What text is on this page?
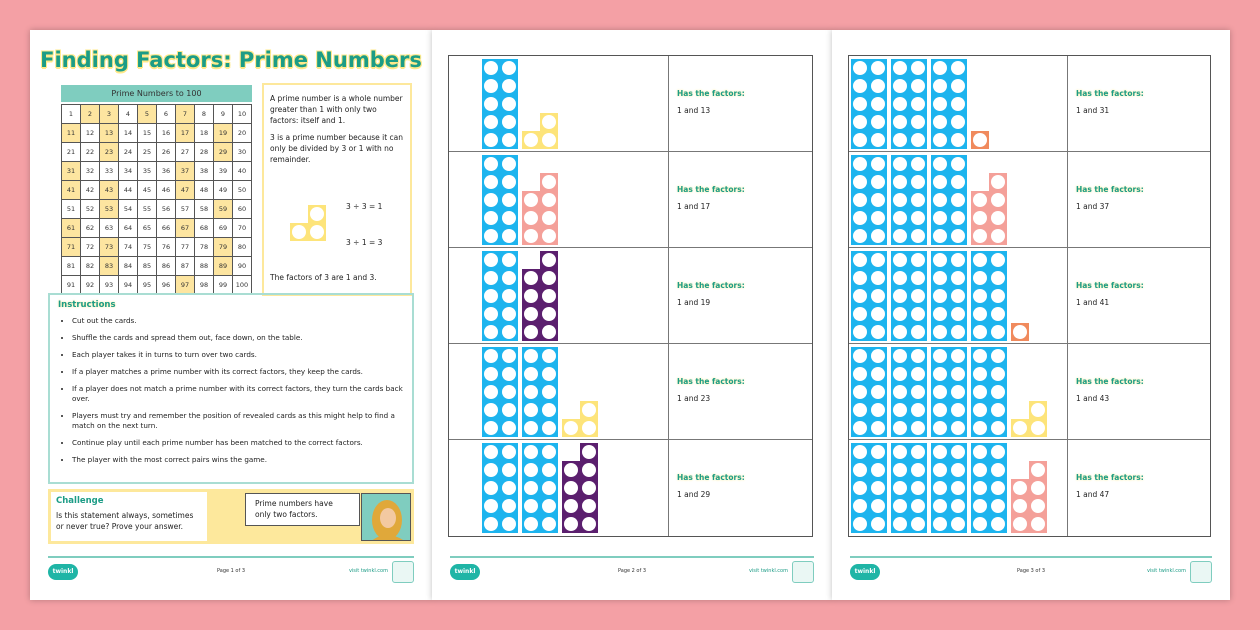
Finding Factors: Prime Numbers
Prime Numbers to 100
1	2	3	4	5	6	7	8	9	10
11	12	13	14	15	16	17	18	19	20
21	22	23	24	25	26	27	28	29	30
31	32	33	34	35	36	37	38	39	40
41	42	43	44	45	46	47	48	49	50
51	52	53	54	55	56	57	58	59	60
61	62	63	64	65	66	67	68	69	70
71	72	73	74	75	76	77	78	79	80
81	82	83	84	85	86	87	88	89	90
91	92	93	94	95	96	97	98	99	100

A prime number is a whole number greater than 1 with only two factors: itself and 1.

3 is a prime number because it can only be divided by 3 or 1 with no remainder.

3 ÷ 3 = 1
3 ÷ 1 = 3

The factors of 3 are 1 and 3.

Instructions
• Cut out the cards.
• Shuffle the cards and spread them out, face down, on the table.
• Each player takes it in turns to turn over two cards.
• If a player matches a prime number with its correct factors, they keep the cards.
• If a player does not match a prime number with its correct factors, they turn the cards back over.
• Players must try and remember the position of revealed cards as this might help to find a match on the next turn.
• Continue play until each prime number has been matched to the correct factors.
• The player with the most correct pairs wins the game.
Challenge
Is this statement always, sometimes or never true? Prove your answer.
Prime numbers have only two factors.
twinkl	Page 1 of 3	visit twinkl.com
Has the factors:
1 and 13
Has the factors:
1 and 17
Has the factors:
1 and 19
Has the factors:
1 and 23
Has the factors:
1 and 29
twinkl	Page 2 of 3	visit twinkl.com
Has the factors:
1 and 31
Has the factors:
1 and 37
Has the factors:
1 and 41
Has the factors:
1 and 43
Has the factors:
1 and 47
twinkl	Page 3 of 3	visit twinkl.com
